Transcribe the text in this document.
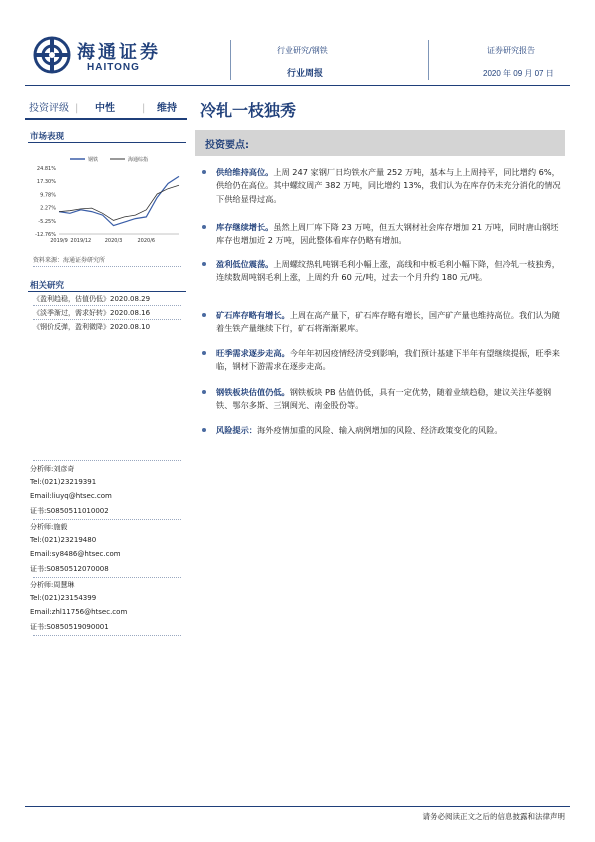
海通证券
HAITONG
行业研究/钢铁
行业周报
证券研究报告
2020 年 09 月 07 日
投资评级 | 中性	| 维持 冷轧一枝独秀
市场表现
钢铁	海通综指
24.81%
17.30%
9.78%
2.27%
-5.25%
-12.76%
2019/9 2019/12	2020/3	2020/6
资料来源：海通证券研究所
相关研究
《盈利趋稳，估值仍低》2020.08.29
《淡季渐过，需求好转》2020.08.16
《钢价反弹，盈利微降》2020.08.10
分析师:刘彦奇
Tel:(021)23219391
Email:liuyq@htsec.com
证书:S0850511010002
分析师:施毅
Tel:(021)23219480
Email:sy8486@htsec.com
证书:S0850512070008
分析师:周慧琳
Tel:(021)23154399
Email:zhl11756@htsec.com
证书:S0850519090001
投资要点:
供给维持高位。上周 247 家钢厂日均铁水产量 252 万吨，基本与上上周持平，同比增约 6%，供给仍在高位。其中螺纹周产 382 万吨，同比增约 13%，我们认为在库存仍未充分消化的情况下供给显得过高。
库存继续增长。虽然上周厂库下降 23 万吨，但五大钢材社会库存增加 21 万吨，同时唐山钢坯库存也增加近 2 万吨，因此整体看库存仍略有增加。
盈利低位震荡。上周螺纹热轧吨钢毛利小幅上涨，高线和中板毛利小幅下降，但冷轧一枝独秀，连续数周吨钢毛利上涨，上周约升 60 元/吨，过去一个月升约 180 元/吨。
矿石库存略有增长。上周在高产量下，矿石库存略有增长，国产矿产量也维持高位。我们认为随着生铁产量继续下行，矿石将渐渐累库。
旺季需求逐步走高。今年年初因疫情经济受到影响，我们预计基建下半年有望继续提振，旺季来临，钢材下游需求在逐步走高。
钢铁板块估值仍低。钢铁板块 PB 估值仍低，具有一定优势，随着业绩趋稳，建议关注华菱钢铁、鄂尔多斯、三钢闽光、南金股份等。
风险提示：海外疫情加重的风险、输入病例增加的风险、经济政策变化的风险。
请务必阅读正文之后的信息披露和法律声明
